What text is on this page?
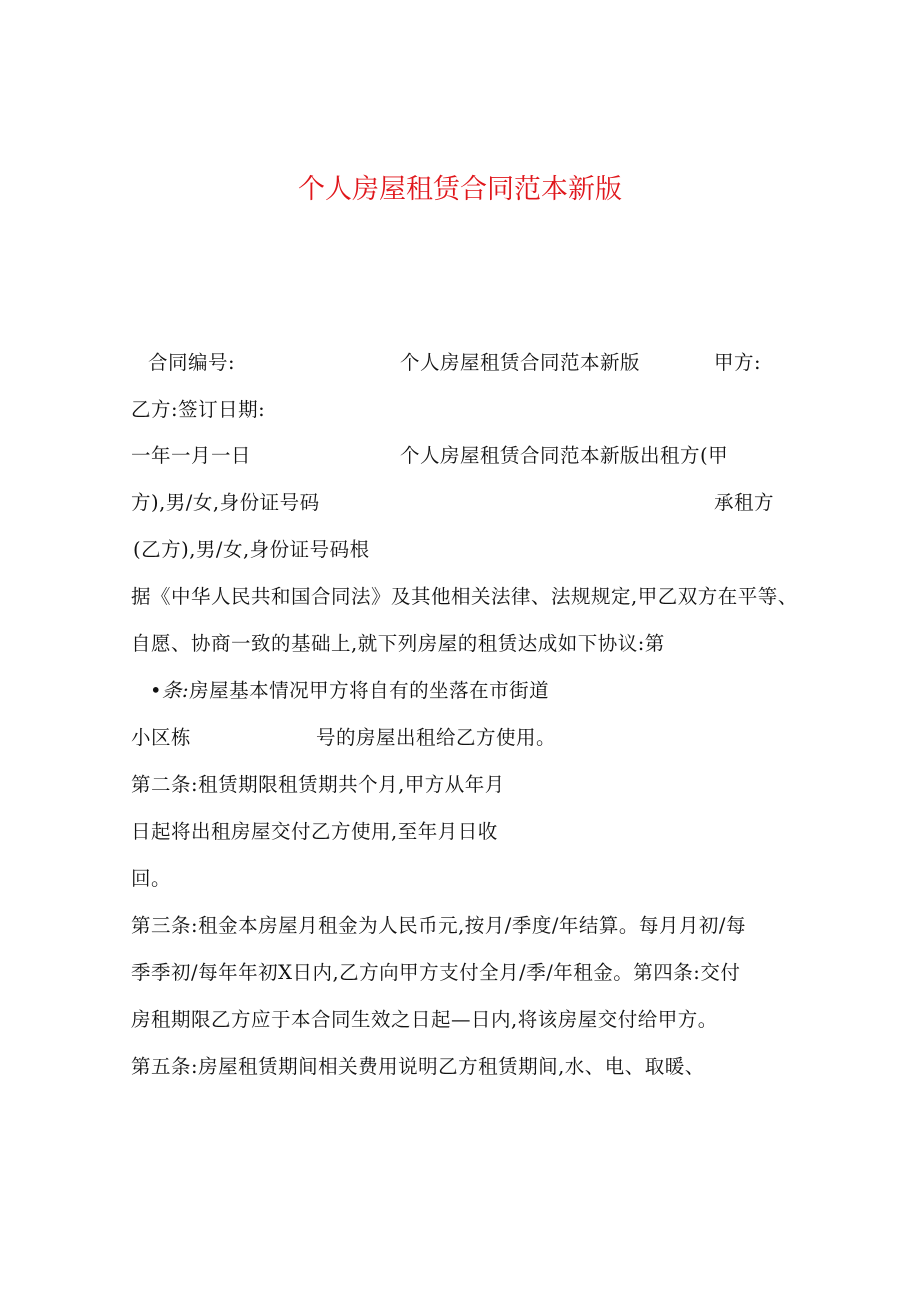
个人房屋租赁合同范本新版
合同编号:	个人房屋租赁合同范本新版	甲方:
乙方:签订日期:
一年一月一日	个人房屋租赁合同范本新版出租方(甲
方),男/女,身份证号码	承租方
(乙方),男/女,身份证号码根
据《中华人民共和国合同法》及其他相关法律、法规规定,甲乙双方在平等、
自愿、协商一致的基础上,就下列房屋的租赁达成如下协议:第
•条:房屋基本情况甲方将自有的坐落在市街道
小区栋	号的房屋出租给乙方使用。
第二条:租赁期限租赁期共个月,甲方从年月
日起将出租房屋交付乙方使用,至年月日收
回。
第三条:租金本房屋月租金为人民币元,按月/季度/年结算。每月月初/每
季季初/每年年初X日内,乙方向甲方支付全月/季/年租金。第四条:交付
房租期限乙方应于本合同生效之日起—日内,将该房屋交付给甲方。
第五条:房屋租赁期间相关费用说明乙方租赁期间,水、电、取暖、
